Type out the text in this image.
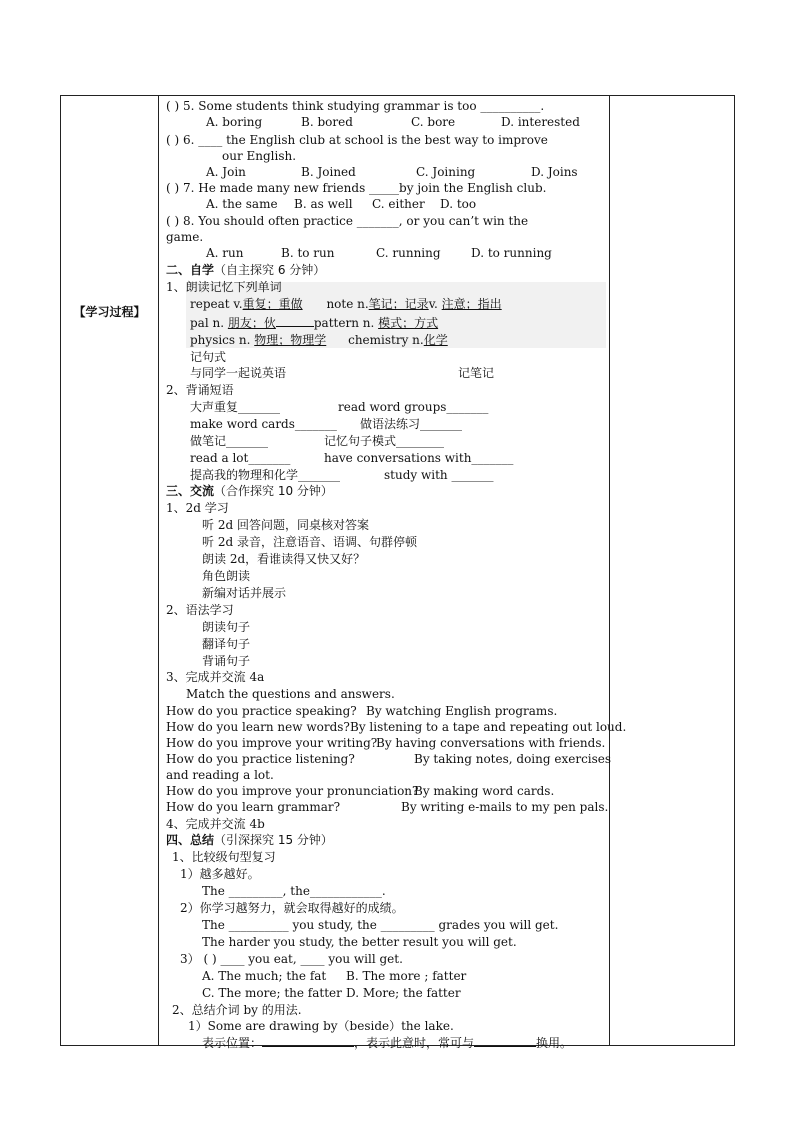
【学习过程】
( ) 5. Some students think studying grammar is too __________.
A. boring	B. bored	C. bore	D. interested
( ) 6. ____ the English club at school is the best way to improve
our English.
A. Join	B. Joined	C. Joining	D. Joins
( ) 7. He made many new friends _____by join the English club.
A. the same B. as well C. either D. too
( ) 8. You should often practice _______, or you can’t win the
game.
A. run	B. to run	C. running	D. to running
二、自学（自主探究 6 分钟）
1、朗读记忆下列单词
repeat v.重复；重做 note n.笔记；记录v. 注意；指出
pal n. 朋友；伙	pattern n. 模式；方式
physics n. 物理；物理学 chemistry n.化学
记句式
与同学一起说英语	记笔记
2、背诵短语
大声重复_______	read word groups_______
make word cards_______ 做语法练习_______
做笔记_______	记忆句子模式________
read a lot_______	have conversations with_______
提高我的物理和化学_______	study with _______
三、交流（合作探究 10 分钟）
1、2d 学习
听 2d 回答问题，同桌核对答案
听 2d 录音，注意语音、语调、句群停顿
朗读 2d，看谁读得又快又好？
角色朗读
新编对话并展示
2、语法学习
朗读句子
翻译句子
背诵句子
3、完成并交流 4a
Match the questions and answers.
How do you practice speaking? By watching English programs.
How do you learn new words? By listening to a tape and repeating out loud.
How do you improve your writing?
By having conversations with friends.
How do you practice listening?	By taking notes, doing exercises
and reading a lot.
How do you improve your pronunciation?
By making word cards.
How do you learn grammar?	By writing e-mails to my pen pals.
4、完成并交流 4b
四、总结（引深探究 15 分钟）
1、比较级句型复习
1）越多越好。
The _________, the____________.
2）你学习越努力，就会取得越好的成绩。
The __________ you study, the _________ grades you will get.
The harder you study, the better result you will get.
3） ( ) ____ you eat, ____ you will get.
A. The much; the fat B. The more ; fatter
C. The more; the fatter D. More; the fatter
2、总结介词 by 的用法.
1）Some are drawing by（beside）the lake.
表示位置：	，表示此意时，常可与	换用。
